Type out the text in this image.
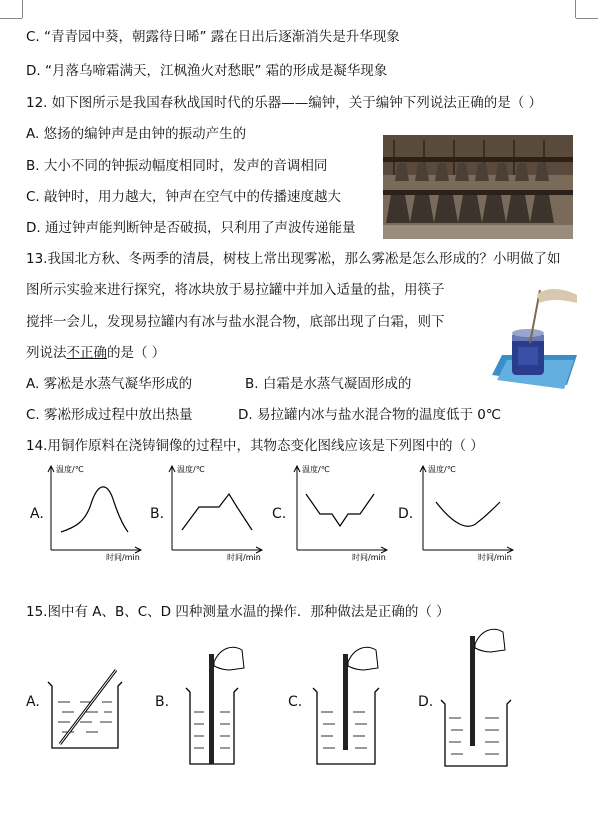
C. “青青园中葵，朝露待日晞” 露在日出后逐渐消失是升华现象
D. “月落乌啼霜满天，江枫渔火对愁眠” 霜的形成是凝华现象
12. 如下图所示是我国春秋战国时代的乐器——编钟，关于编钟下列说法正确的是（ ）
A. 悠扬的编钟声是由钟的振动产生的
B. 大小不同的钟振动幅度相同时，发声的音调相同
C. 敲钟时，用力越大，钟声在空气中的传播速度越大
D. 通过钟声能判断钟是否破损，只利用了声波传递能量
13.我国北方秋、冬两季的清晨，树枝上常出现雾凇，那么雾凇是怎么形成的？小明做了如
图所示实验来进行探究，将冰块放于易拉罐中并加入适量的盐，用筷子
搅拌一会儿，发现易拉罐内有冰与盐水混合物，底部出现了白霜，则下
列说法不正确的是（ ）
A. 雾凇是水蒸气凝华形成的	B. 白霜是水蒸气凝固形成的
C. 雾凇形成过程中放出热量	D. 易拉罐内冰与盐水混合物的温度低于 0℃
14.用铜作原料在浇铸铜像的过程中，其物态变化图线应该是下列图中的（ ）
A.
温度/℃
时间/min
B.
温度/℃
时间/min
C.
温度/℃
时间/min
D.
温度/℃
时间/min
15.图中有 A、B、C、D 四种测量水温的操作．那种做法是正确的（ ）
A.	B.	C.	D.
